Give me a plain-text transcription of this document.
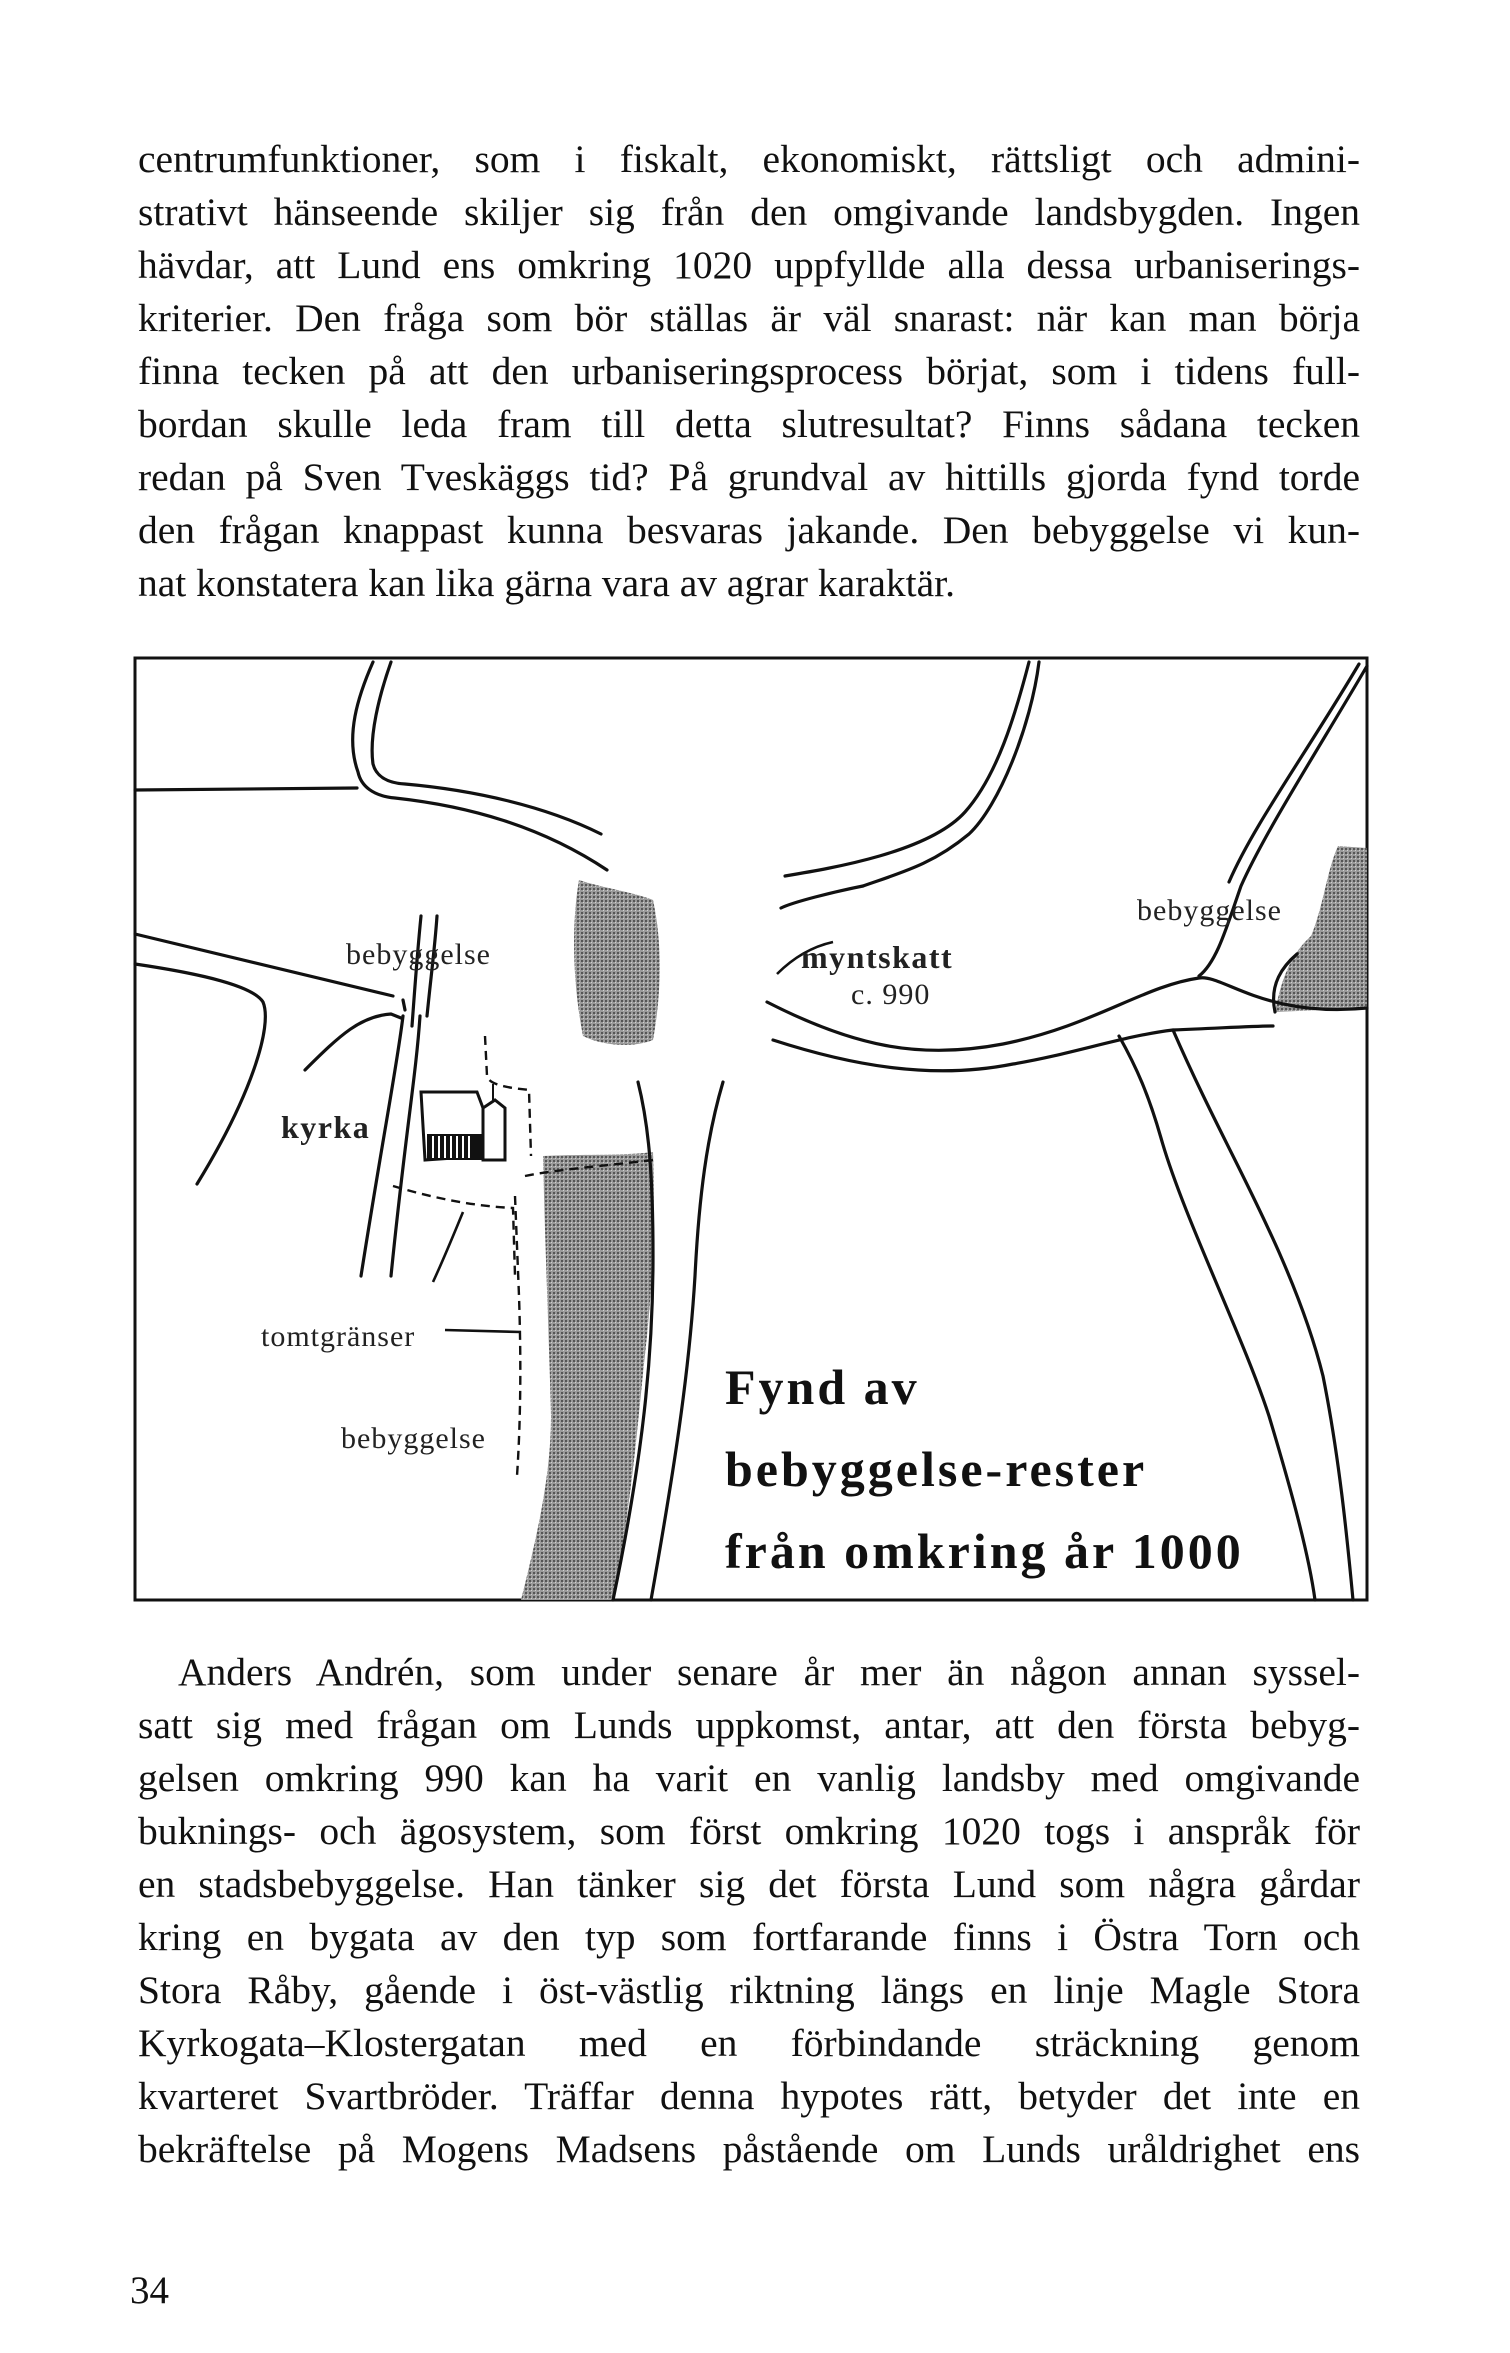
centrumfunktioner, som i fiskalt, ekonomiskt, rättsligt och admini-
strativt hänseende skiljer sig från den omgivande landsbygden. Ingen
hävdar, att Lund ens omkring 1020 uppfyllde alla dessa urbaniserings-
kriterier. Den fråga som bör ställas är väl snarast: när kan man börja
finna tecken på att den urbaniseringsprocess börjat, som i tidens full-
bordan skulle leda fram till detta slutresultat? Finns sådana tecken
redan på Sven Tveskäggs tid? På grundval av hittills gjorda fynd torde
den frågan knappast kunna besvaras jakande. Den bebyggelse vi kun-
nat konstatera kan lika gärna vara av agrar karaktär.
bebyggelse
bebyggelse
bebyggelse
myntskatt
c. 990
kyrka
tomtgränser
Fynd av
bebyggelse-rester
från omkring år 1000
Anders Andrén, som under senare år mer än någon annan syssel-
satt sig med frågan om Lunds uppkomst, antar, att den första bebyg-
gelsen omkring 990 kan ha varit en vanlig landsby med omgivande
buknings- och ägosystem, som först omkring 1020 togs i anspråk för
en stadsbebyggelse. Han tänker sig det första Lund som några gårdar
kring en bygata av den typ som fortfarande finns i Östra Torn och
Stora Råby, gående i öst-västlig riktning längs en linje Magle Stora
Kyrkogata–Klostergatan med en förbindande sträckning genom
kvarteret Svartbröder. Träffar denna hypotes rätt, betyder det inte en
bekräftelse på Mogens Madsens påstående om Lunds uråldrighet ens
34
